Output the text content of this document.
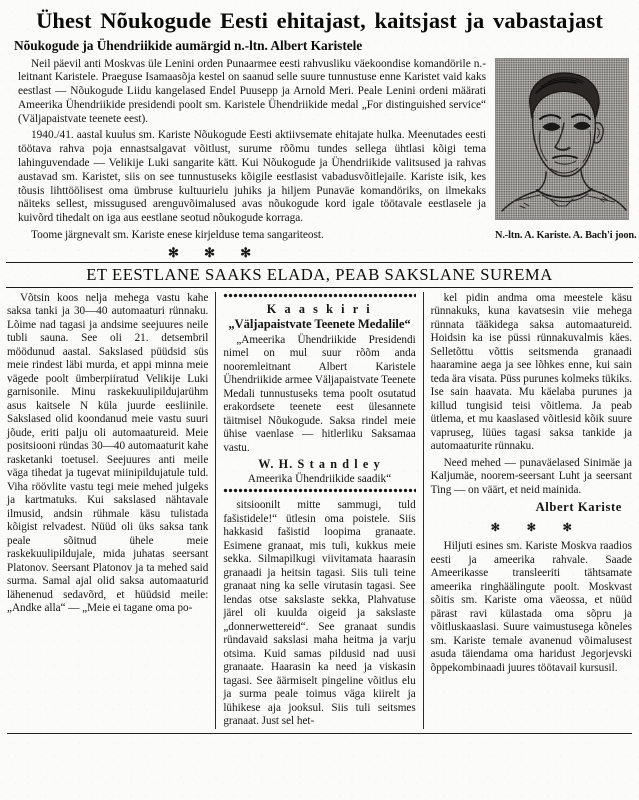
Ühest Nõukogude Eesti ehitajast, kaitsjast ja vabastajast
Nõukogude ja Ühendriikide aumärgid n.-ltn. Albert Karistele
N.-ltn. A. Kariste. A. Bach'i joon.

Neil päevil anti Moskvas üle Lenini orden Punaarmee eesti rahvusliku väekoondise komandörile n.-leitnant Karistele. Praeguse Isamaasõja kestel on saanud selle suure tunnustuse enne Karistet vaid kaks eestlast — Nõukogude Liidu kangelased Endel Puusepp ja Arnold Meri. Peale Lenini ordeni määrati Ameerika Ühendriikide presidendi poolt sm. Karistele Ühendriikide medal „For distinguished service“ (Väljapaistvate teenete eest).

1940./41. aastal kuulus sm. Kariste Nõukogude Eesti aktiivsemate ehitajate hulka. Meenutades eesti töötava rahva poja ennastsalgavat võitlust, surume rõõmu tundes sellega ühtlasi kõigi tema lahinguvendade — Velikije Luki sangarite kätt. Kui Nõukogude ja Ühendriikide valitsused ja rahvas austavad sm. Karistet, siis on see tunnustuseks kõigile eestlasist vabadusvõitlejaile. Kariste isik, kes tõusis lihttöölisest oma ümbruse kultuurielu juhiks ja hiljem Punaväe komandöriks, on ilmekaks näiteks sellest, missugused arenguvõimalused avas nõukogude kord igale töötavale eestlasele ja kuivõrd tihedalt on iga aus eestlane seotud nõukogude korraga.

Toome järgnevalt sm. Kariste enese kirjelduse tema sangariteost.

✻ ✻ ✻
ET EESTLANE SAAKS ELADA, PEAB SAKSLANE SUREMA

Võtsin koos nelja mehega vastu kahe saksa tanki ja 30—40 automaaturi rünnaku. Lõime nad tagasi ja andsime seejuures neile tubli sauna. See oli 21. detsembril möödunud aastal. Sakslased püüdsid süs meie rindest läbi murda, et appi minna meie vägede poolt ümberpiiratud Velikije Luki garnisonile. Minu raskekuulipildujarühm asus kaitsele N küla juurde eesliinile. Sakslased olid koondanud meie vastu suuri jõude, eriti palju oli automaatureid. Meie positsiooni ründas 30—40 automaaturit kahe rasketanki toetusel. Seejuures anti meile väga tihedat ja tugevat miinipildujatule tuld. Viha röövlite vastu tegi meie mehed julgeks ja kartmatuks. Kui sakslased nähtavale ilmusid, andsin rühmale käsu tulistada kõigist relvadest. Nüüd oli üks saksa tank peale sõitnud ühele meie raskekuulipildujale, mida juhatas seersant Platonov. Seersant Platonov ja ta mehed said surma. Samal ajal olid saksa automaaturid lähenenud sedavõrd, et hüüdsid meile: „Andke alla“ — „Meie ei tagane oma po-

K a a s k i r i
„Väljapaistvate Teenete Medalile“

„Ameerika Ühendriikide Presidendi nimel on mul suur rõõm anda nooremleitnant Albert Karistele Ühendriikide armee Väljapaistvate Teenete Medali tunnustuseks tema poolt osutatud erakordsete teenete eest ülesannete täitmisel Nõukogude. Saksa rindel meie ühise vaenlase — hitlerliku Saksamaa vastu.

W. H. S t a n d l e y
Ameerika Ühendriikide saadik“

sitsioonilt mitte sammugi, tuld fašistidele!“ ütlesin oma poistele. Siis hakkasid fašistid loopima granaate. Esimene granaat, mis tuli, kukkus meie sekka. Silmapilkugi viivitamata haarasin granaadi ja heitsin tagasi. Siis tuli teine granaat ning ka selle virutasin tagasi. See lendas otse sakslaste sekka, Plahvatuse järel oli kuulda oigeid ja sakslaste „donnerwettereid“. See granaat sundis ründavaid sakslasi maha heitma ja varju otsima. Kuid samas pildusid nad uusi granaate. Haarasin ka need ja viskasin tagasi. See äärmiselt pingeline võitlus elu ja surma peale toimus väga kiirelt ja lühikese aja jooksul. Siis tuli seitsmes granaat. Just sel het-

kel pidin andma oma meestele käsu rünnakuks, kuna kavatsesin viie mehega rünnata tääkidega saksa automaatureid. Hoidsin ka ise püssi rünnakuvalmis käes. Selletõttu võttis seitsmenda granaadi haaramine aega ja see lõhkes enne, kui sain teda ära visata. Püss purunes kolmeks tükiks. Ise sain haavata. Mu käelaba purunes ja killud tungisid teisi võitlema. Ja peab ütlema, et mu kaaslased võitlesid kõik suure vapruseg, lüües tagasi saksa tankide ja automaaturite rünnaku.

Need mehed — punaväelased Sinimäe ja Kaljumäe, noorem-seersant Luht ja seersant Ting — on väärt, et neid mainida.

Albert Kariste
✻ ✻ ✻

Hiljuti esines sm. Kariste Moskva raadios eesti ja ameerika rahvale. Saade Ameerikasse transleeriti tähtsamate ameerika ringhäälingute poolt. Moskvast sõitis sm. Kariste oma väeossa, et nüüd pärast ravi külastada oma sõpru ja võitluskaaslasi. Suure vaimustusega kõneles sm. Kariste temale avanenud võimalusest asuda täiendama oma haridust Jegorjevski õppekombinaadi juures töötavail kursusil.
